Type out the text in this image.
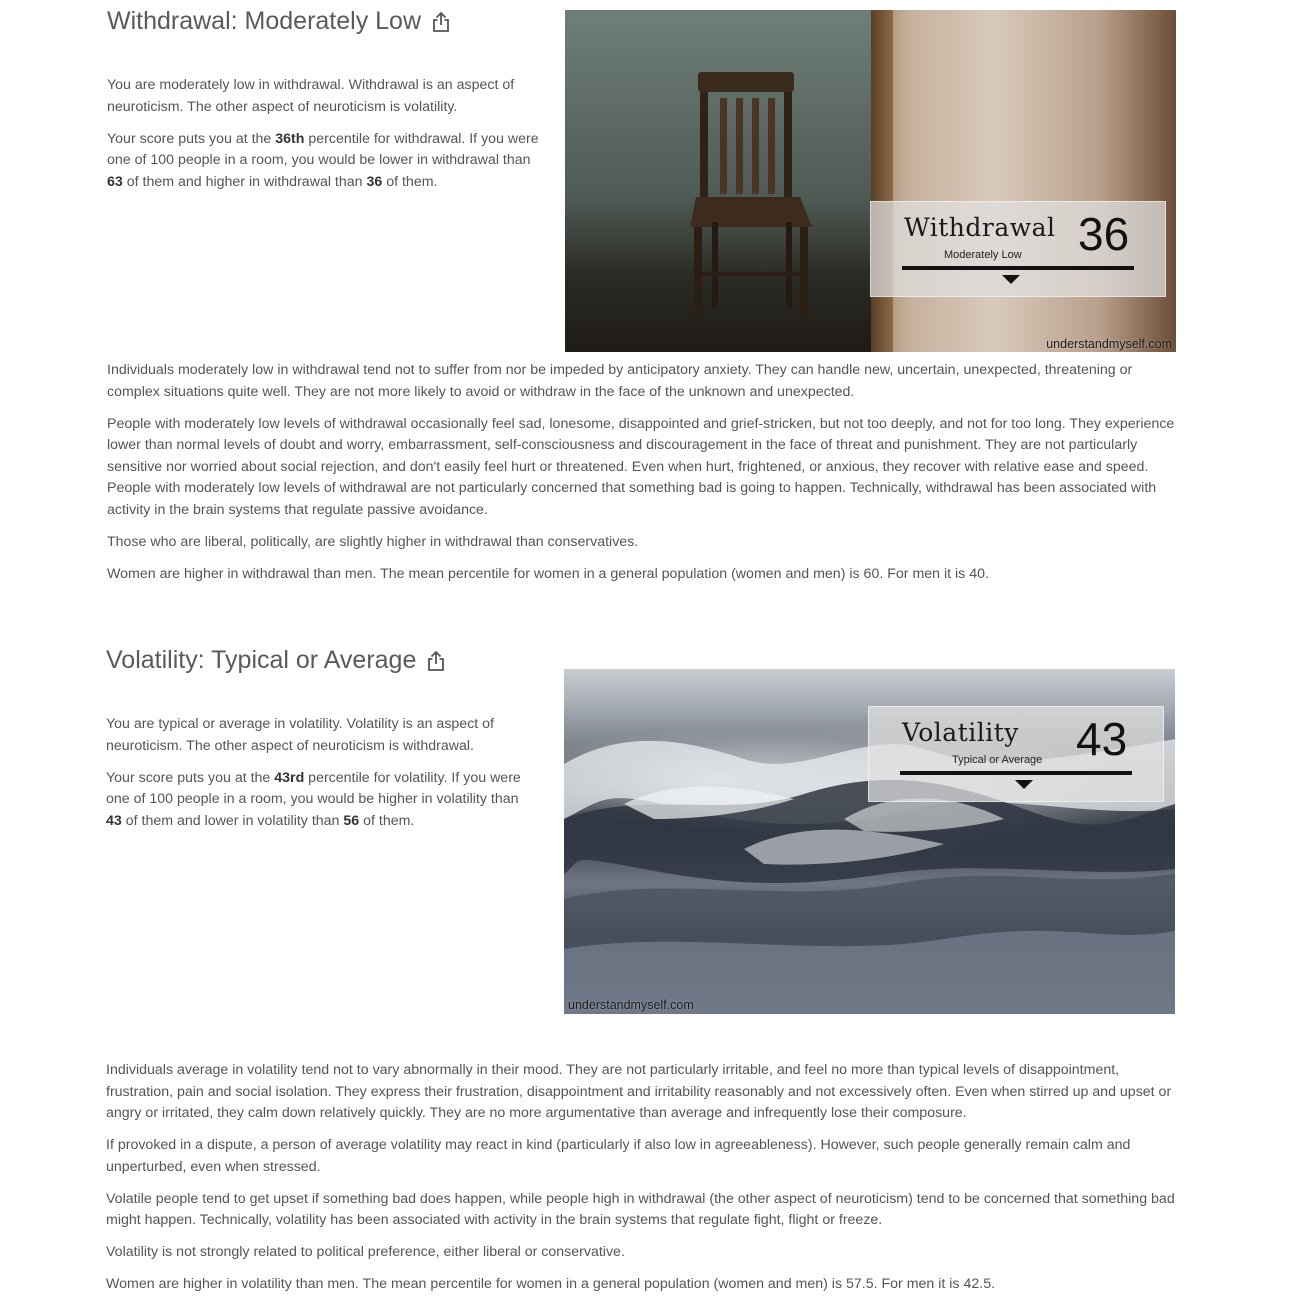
Withdrawal: Moderately Low

You are moderately low in withdrawal. Withdrawal is an aspect of neuroticism. The other aspect of neuroticism is volatility.

Your score puts you at the 36th percentile for withdrawal. If you were one of 100 people in a room, you would be lower in withdrawal than 63 of them and higher in withdrawal than 36 of them.

Withdrawal 36
Moderately Low
understandmyself.com

Individuals moderately low in withdrawal tend not to suffer from nor be impeded by anticipatory anxiety. They can handle new, uncertain, unexpected, threatening or complex situations quite well. They are not more likely to avoid or withdraw in the face of the unknown and unexpected.

People with moderately low levels of withdrawal occasionally feel sad, lonesome, disappointed and grief-stricken, but not too deeply, and not for too long. They experience lower than normal levels of doubt and worry, embarrassment, self-consciousness and discouragement in the face of threat and punishment. They are not particularly sensitive nor worried about social rejection, and don't easily feel hurt or threatened. Even when hurt, frightened, or anxious, they recover with relative ease and speed. People with moderately low levels of withdrawal are not particularly concerned that something bad is going to happen. Technically, withdrawal has been associated with activity in the brain systems that regulate passive avoidance.

Those who are liberal, politically, are slightly higher in withdrawal than conservatives.

Women are higher in withdrawal than men. The mean percentile for women in a general population (women and men) is 60. For men it is 40.

Volatility: Typical or Average

You are typical or average in volatility. Volatility is an aspect of neuroticism. The other aspect of neuroticism is withdrawal.

Your score puts you at the 43rd percentile for volatility. If you were one of 100 people in a room, you would be higher in volatility than 43 of them and lower in volatility than 56 of them.

Volatility 43
Typical or Average
understandmyself.com

Individuals average in volatility tend not to vary abnormally in their mood. They are not particularly irritable, and feel no more than typical levels of disappointment, frustration, pain and social isolation. They express their frustration, disappointment and irritability reasonably and not excessively often. Even when stirred up and upset or angry or irritated, they calm down relatively quickly. They are no more argumentative than average and infrequently lose their composure.

If provoked in a dispute, a person of average volatility may react in kind (particularly if also low in agreeableness). However, such people generally remain calm and unperturbed, even when stressed.

Volatile people tend to get upset if something bad does happen, while people high in withdrawal (the other aspect of neuroticism) tend to be concerned that something bad might happen. Technically, volatility has been associated with activity in the brain systems that regulate fight, flight or freeze.

Volatility is not strongly related to political preference, either liberal or conservative.

Women are higher in volatility than men. The mean percentile for women in a general population (women and men) is 57.5. For men it is 42.5.
